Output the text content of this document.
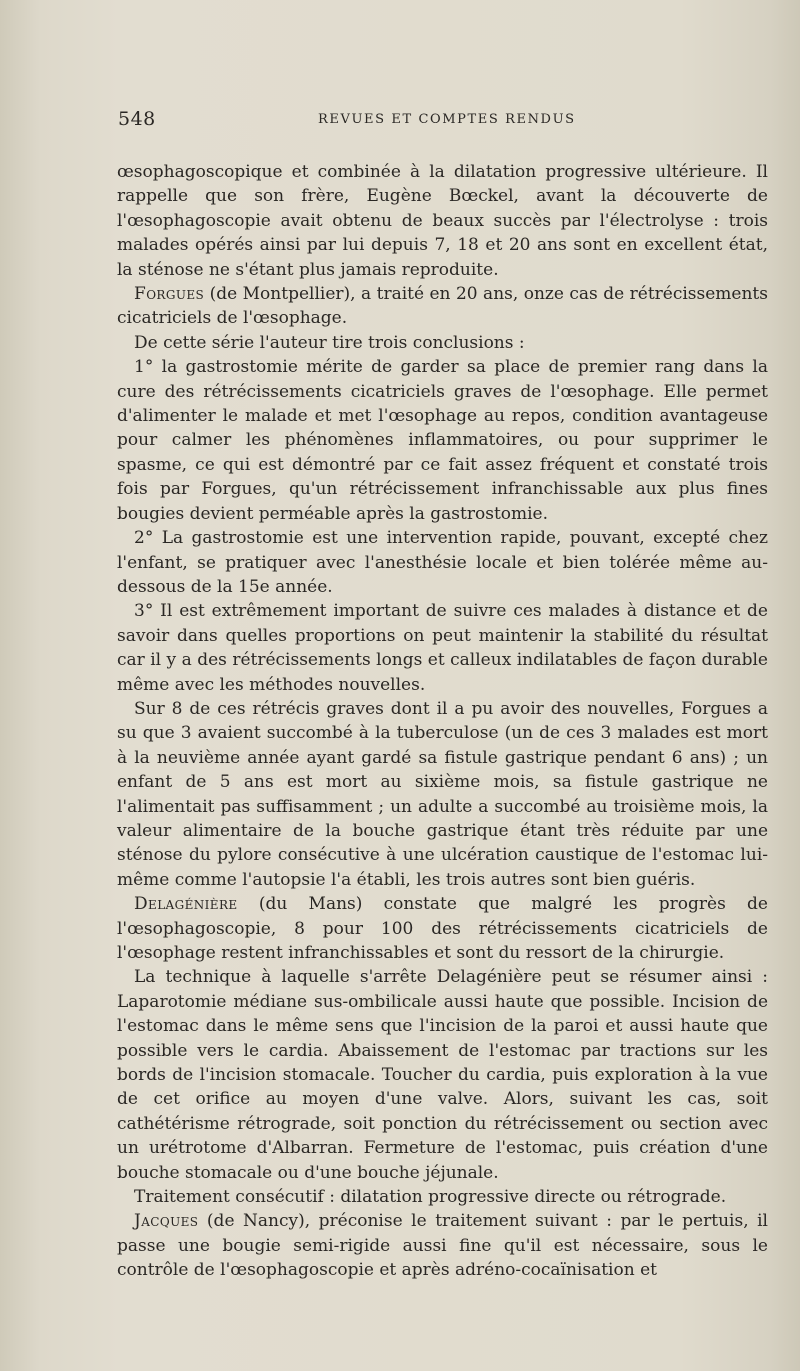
548	REVUES ET COMPTES RENDUS

œsophagoscopique et combinée à la dilatation progressive ultérieure. Il rappelle que son frère, Eugène Bœckel, avant la découverte de l'œsophagoscopie avait obtenu de beaux succès par l'électrolyse : trois malades opérés ainsi par lui depuis 7, 18 et 20 ans sont en excellent état, la sténose ne s'étant plus jamais reproduite.

Forgues (de Montpellier), a traité en 20 ans, onze cas de rétrécissements cicatriciels de l'œsophage.

De cette série l'auteur tire trois conclusions :

1° la gastrostomie mérite de garder sa place de premier rang dans la cure des rétrécissements cicatriciels graves de l'œsophage. Elle permet d'alimenter le malade et met l'œsophage au repos, condition avantageuse pour calmer les phénomènes inflammatoires, ou pour supprimer le spasme, ce qui est démontré par ce fait assez fréquent et constaté trois fois par Forgues, qu'un rétrécissement infranchissable aux plus fines bougies devient perméable après la gastrostomie.

2° La gastrostomie est une intervention rapide, pouvant, excepté chez l'enfant, se pratiquer avec l'anesthésie locale et bien tolérée même au-dessous de la 15e année.

3° Il est extrêmement important de suivre ces malades à distance et de savoir dans quelles proportions on peut maintenir la stabilité du résultat car il y a des rétrécissements longs et calleux indilatables de façon durable même avec les méthodes nouvelles.

Sur 8 de ces rétrécis graves dont il a pu avoir des nouvelles, Forgues a su que 3 avaient succombé à la tuberculose (un de ces 3 malades est mort à la neuvième année ayant gardé sa fistule gastrique pendant 6 ans) ; un enfant de 5 ans est mort au sixième mois, sa fistule gastrique ne l'alimentait pas suffisamment ; un adulte a succombé au troisième mois, la valeur alimentaire de la bouche gastrique étant très réduite par une sténose du pylore consécutive à une ulcération caustique de l'estomac lui-même comme l'autopsie l'a établi, les trois autres sont bien guéris.

Delagénière (du Mans) constate que malgré les progrès de l'œsophagoscopie, 8 pour 100 des rétrécissements cicatriciels de l'œsophage restent infranchissables et sont du ressort de la chirurgie.

La technique à laquelle s'arrête Delagénière peut se résumer ainsi : Laparotomie médiane sus-ombilicale aussi haute que possible. Incision de l'estomac dans le même sens que l'incision de la paroi et aussi haute que possible vers le cardia. Abaissement de l'estomac par tractions sur les bords de l'incision stomacale. Toucher du cardia, puis exploration à la vue de cet orifice au moyen d'une valve. Alors, suivant les cas, soit cathétérisme rétrograde, soit ponction du rétrécissement ou section avec un urétrotome d'Albarran. Fermeture de l'estomac, puis création d'une bouche stomacale ou d'une bouche jéjunale.

Traitement consécutif : dilatation progressive directe ou rétrograde.

Jacques (de Nancy), préconise le traitement suivant : par le pertuis, il passe une bougie semi-rigide aussi fine qu'il est nécessaire, sous le contrôle de l'œsophagoscopie et après adréno-cocaïnisation et
